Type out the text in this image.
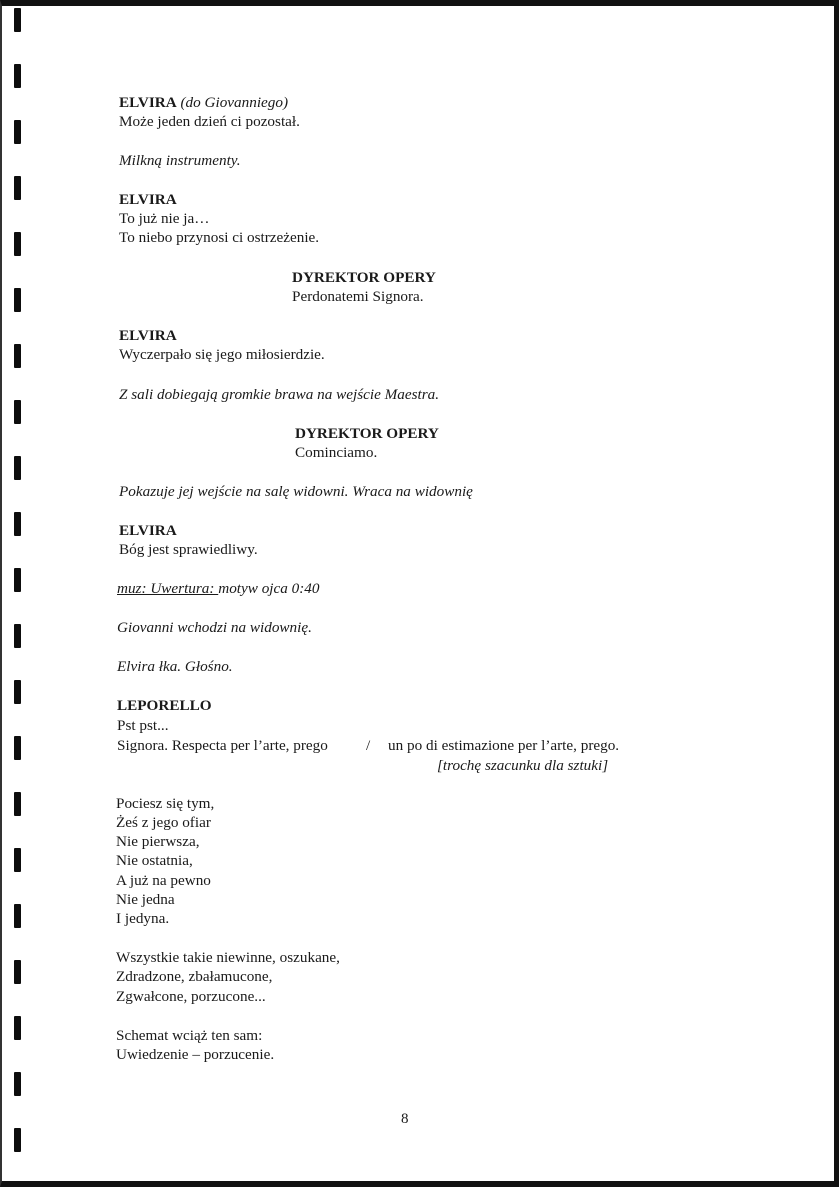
ELVIRA (do Giovanniego)
Może jeden dzień ci pozostał.
Milkną instrumenty.
ELVIRA
To już nie ja…
To niebo przynosi ci ostrzeżenie.
DYREKTOR OPERY
Perdonatemi Signora.
ELVIRA
Wyczerpało się jego miłosierdzie.
Z sali dobiegają gromkie brawa na wejście Maestra.
DYREKTOR OPERY
Cominciamo.
Pokazuje jej wejście na salę widowni. Wraca na widownię
ELVIRA
Bóg jest sprawiedliwy.
muz: Uwertura: motyw ojca 0:40
Giovanni wchodzi na widownię.
Elvira łka. Głośno.
LEPORELLO
Pst pst...
Signora. Respecta per l’arte, prego	/ un po di estimazione per l’arte, prego.
[trochę szacunku dla sztuki]
Pociesz się tym,
Żeś z jego ofiar
Nie pierwsza,
Nie ostatnia,
A już na pewno
Nie jedna
I jedyna.
Wszystkie takie niewinne, oszukane,
Zdradzone, zbałamucone,
Zgwałcone, porzucone...
Schemat wciąż ten sam:
Uwiedzenie – porzucenie.
8
